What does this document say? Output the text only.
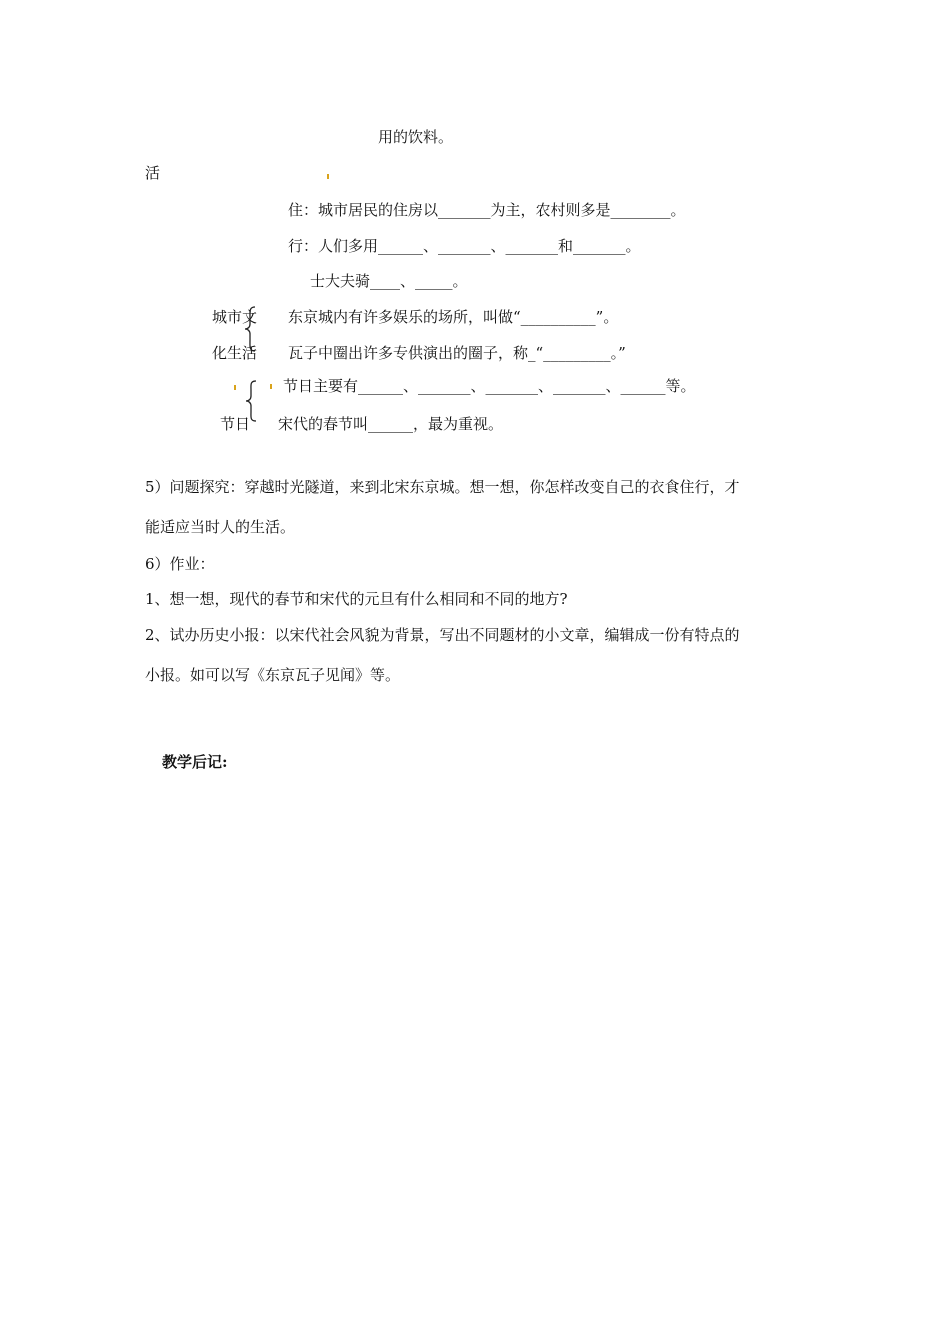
用的饮料。

活

住：城市居民的住房以_______为主，农村则多是________。

行：人们多用______、_______、_______和_______。

士大夫骑____、_____。

城市文

化生活

东京城内有许多娱乐的场所，叫做“__________”。

瓦子中圈出许多专供演出的圈子，称_“_________。”

节日主要有______、_______、_______、_______、______等。

节日 宋代的春节叫______，最为重视。

5）问题探究：穿越时光隧道，来到北宋东京城。想一想，你怎样改变自己的衣食住行，才

能适应当时人的生活。

6）作业：

1、想一想，现代的春节和宋代的元旦有什么相同和不同的地方?

2、试办历史小报：以宋代社会风貌为背景，写出不同题材的小文章，编辑成一份有特点的

小报。如可以写《东京瓦子见闻》等。

教学后记:
